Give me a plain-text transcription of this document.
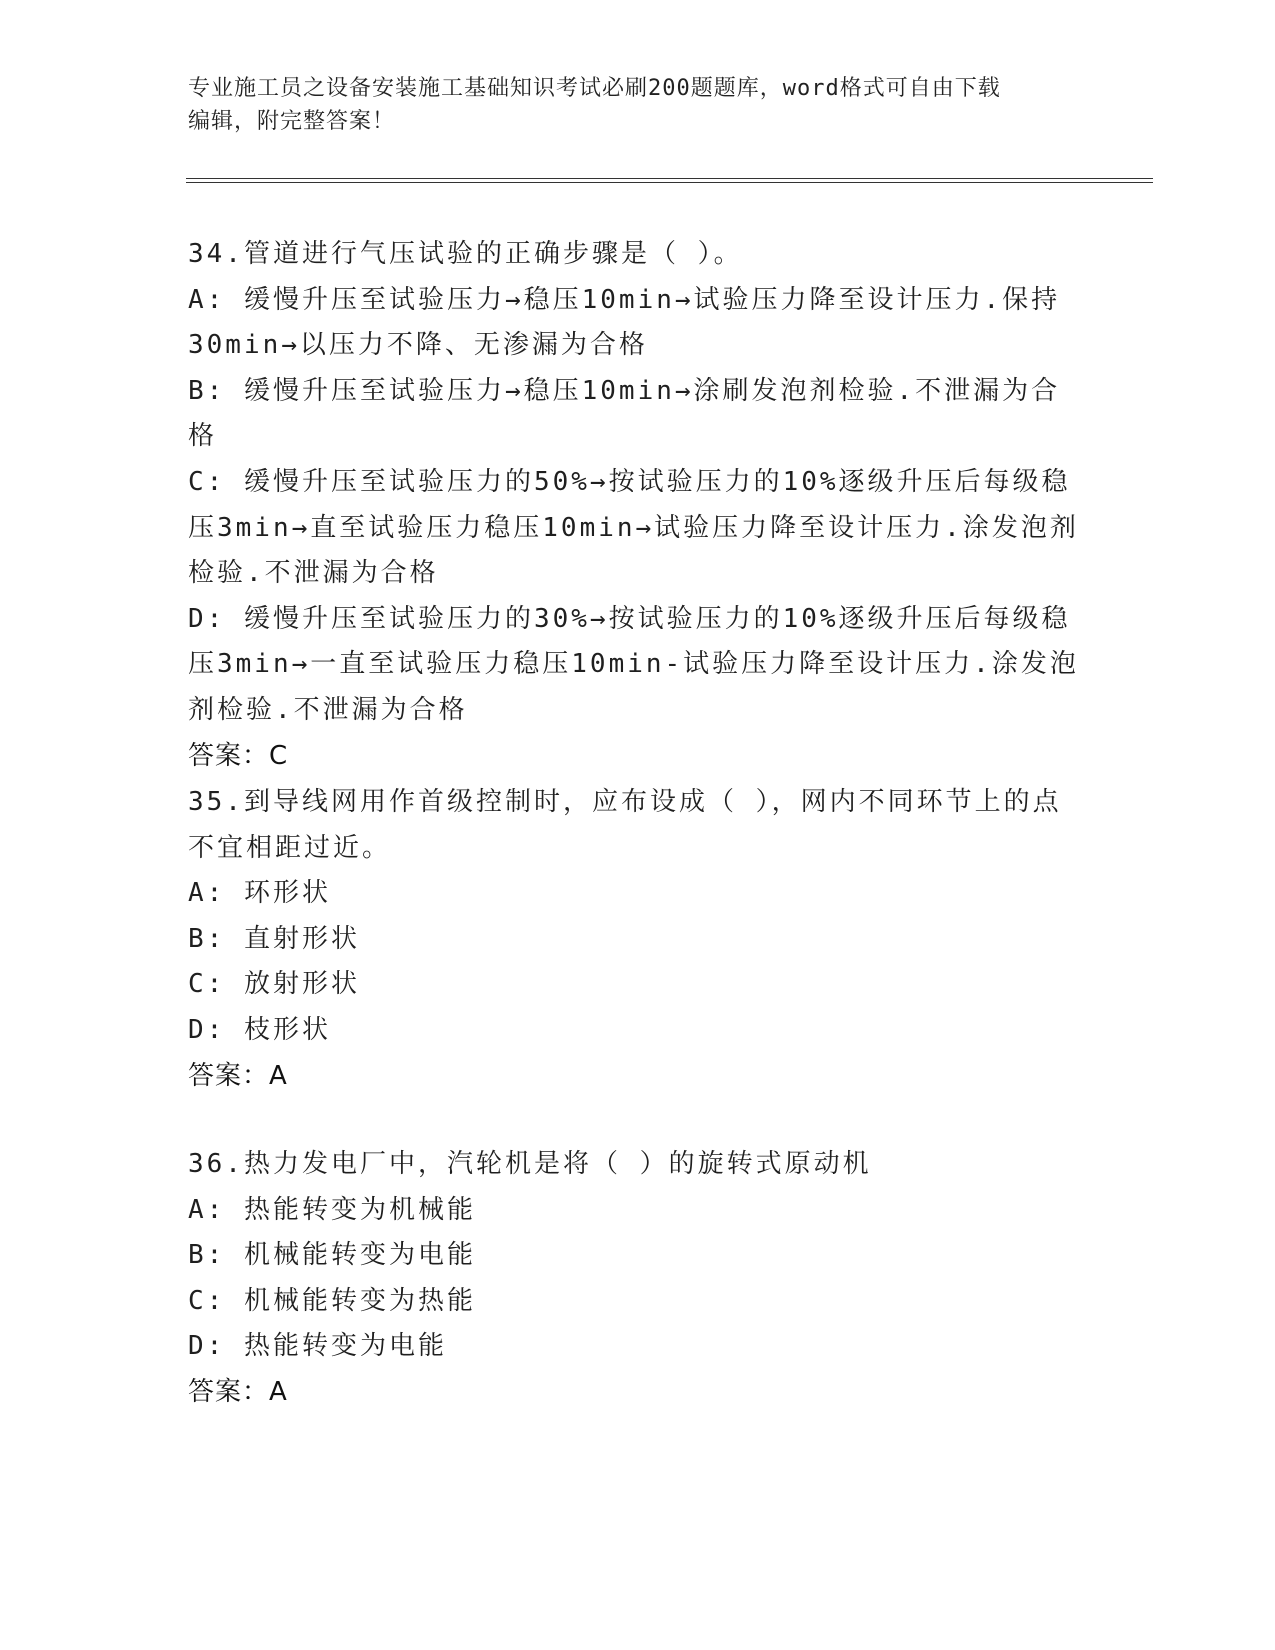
专业施工员之设备安装施工基础知识考试必刷200题题库，word格式可自由下载
编辑，附完整答案！
34.管道进行气压试验的正确步骤是（ ）。
A: 缓慢升压至试验压力→稳压10min→试验压力降至设计压力.保持
30min→以压力不降、无渗漏为合格
B: 缓慢升压至试验压力→稳压10min→涂刷发泡剂检验.不泄漏为合格
C: 缓慢升压至试验压力的50%→按试验压力的10%逐级升压后每级稳
压3min→直至试验压力稳压10min→试验压力降至设计压力.涂发泡剂
检验.不泄漏为合格
D: 缓慢升压至试验压力的30%→按试验压力的10%逐级升压后每级稳
压3min→一直至试验压力稳压10min-试验压力降至设计压力.涂发泡
剂检验.不泄漏为合格
答案：C
35.到导线网用作首级控制时，应布设成（ ），网内不同环节上的点
不宜相距过近。
A: 环形状
B: 直射形状
C: 放射形状
D: 枝形状
答案：A
36.热力发电厂中，汽轮机是将（ ）的旋转式原动机
A: 热能转变为机械能
B: 机械能转变为电能
C: 机械能转变为热能
D: 热能转变为电能
答案：A
